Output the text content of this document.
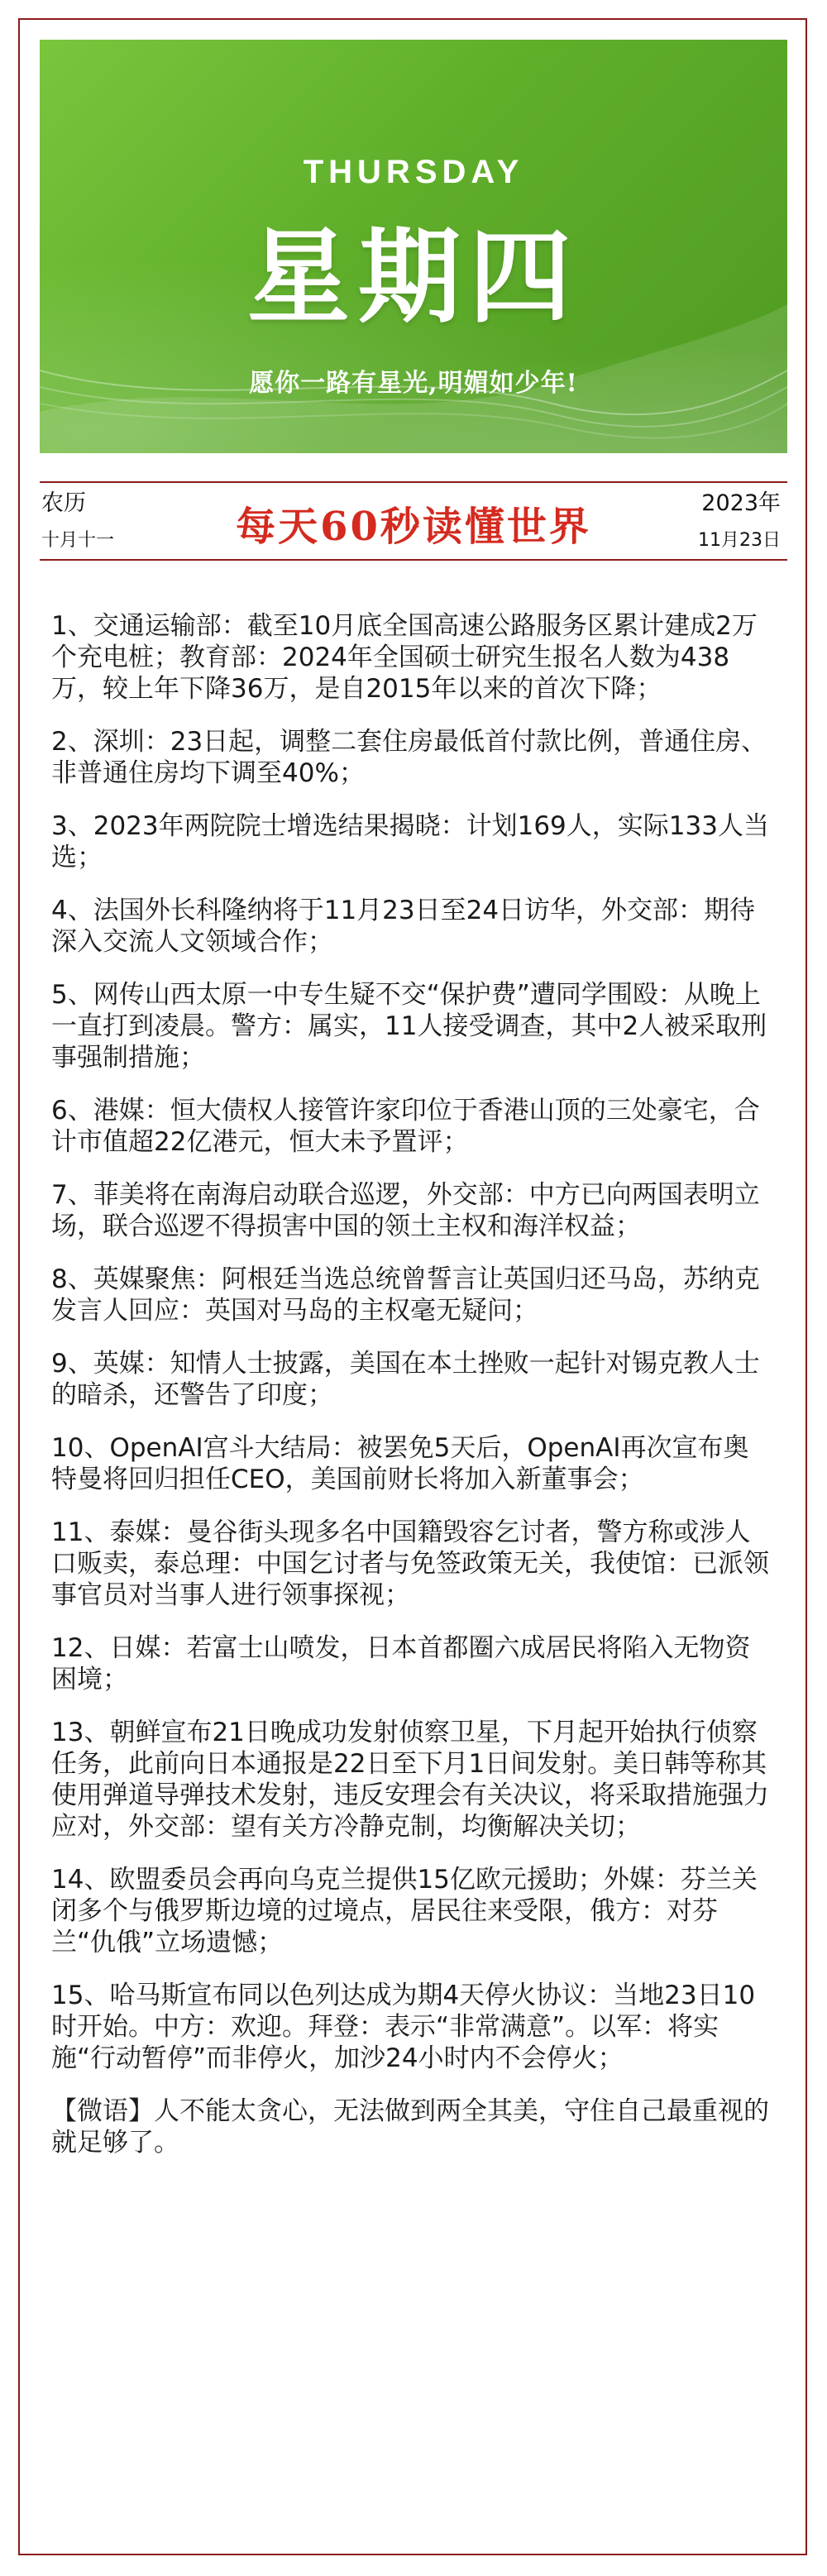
THURSDAY
星期四
愿你一路有星光,明媚如少年!
农历
十月十一	每天60秒读懂世界
2023年
11月23日

1、交通运输部：截至10月底全国高速公路服务区累计建成2万个充电桩；教育部：2024年全国硕士研究生报名人数为438万，较上年下降36万，是自2015年以来的首次下降；

2、深圳：23日起，调整二套住房最低首付款比例，普通住房、非普通住房均下调至40%；

3、2023年两院院士增选结果揭晓：计划169人，实际133人当选；

4、法国外长科隆纳将于11月23日至24日访华，外交部：期待深入交流人文领域合作；

5、网传山西太原一中专生疑不交“保护费”遭同学围殴：从晚上一直打到凌晨。警方：属实，11人接受调查，其中2人被采取刑事强制措施；

6、港媒：恒大债权人接管许家印位于香港山顶的三处豪宅，合计市值超22亿港元，恒大未予置评；

7、菲美将在南海启动联合巡逻，外交部：中方已向两国表明立场，联合巡逻不得损害中国的领土主权和海洋权益；

8、英媒聚焦：阿根廷当选总统曾誓言让英国归还马岛，苏纳克发言人回应：英国对马岛的主权毫无疑问；

9、英媒：知情人士披露，美国在本土挫败一起针对锡克教人士的暗杀，还警告了印度；

10、OpenAI宫斗大结局：被罢免5天后，OpenAI再次宣布奥特曼将回归担任CEO，美国前财长将加入新董事会；

11、泰媒：曼谷街头现多名中国籍毁容乞讨者，警方称或涉人口贩卖，泰总理：中国乞讨者与免签政策无关，我使馆：已派领事官员对当事人进行领事探视；

12、日媒：若富士山喷发，日本首都圈六成居民将陷入无物资困境；

13、朝鲜宣布21日晚成功发射侦察卫星，下月起开始执行侦察任务，此前向日本通报是22日至下月1日间发射。美日韩等称其使用弹道导弹技术发射，违反安理会有关决议，将采取措施强力应对，外交部：望有关方冷静克制，均衡解决关切；

14、欧盟委员会再向乌克兰提供15亿欧元援助；外媒：芬兰关闭多个与俄罗斯边境的过境点，居民往来受限，俄方：对芬兰“仇俄”立场遗憾；

15、哈马斯宣布同以色列达成为期4天停火协议：当地23日10时开始。中方：欢迎。拜登：表示“非常满意”。以军：将实施“行动暂停”而非停火，加沙24小时内不会停火；

【微语】人不能太贪心，无法做到两全其美，守住自己最重视的就足够了。
